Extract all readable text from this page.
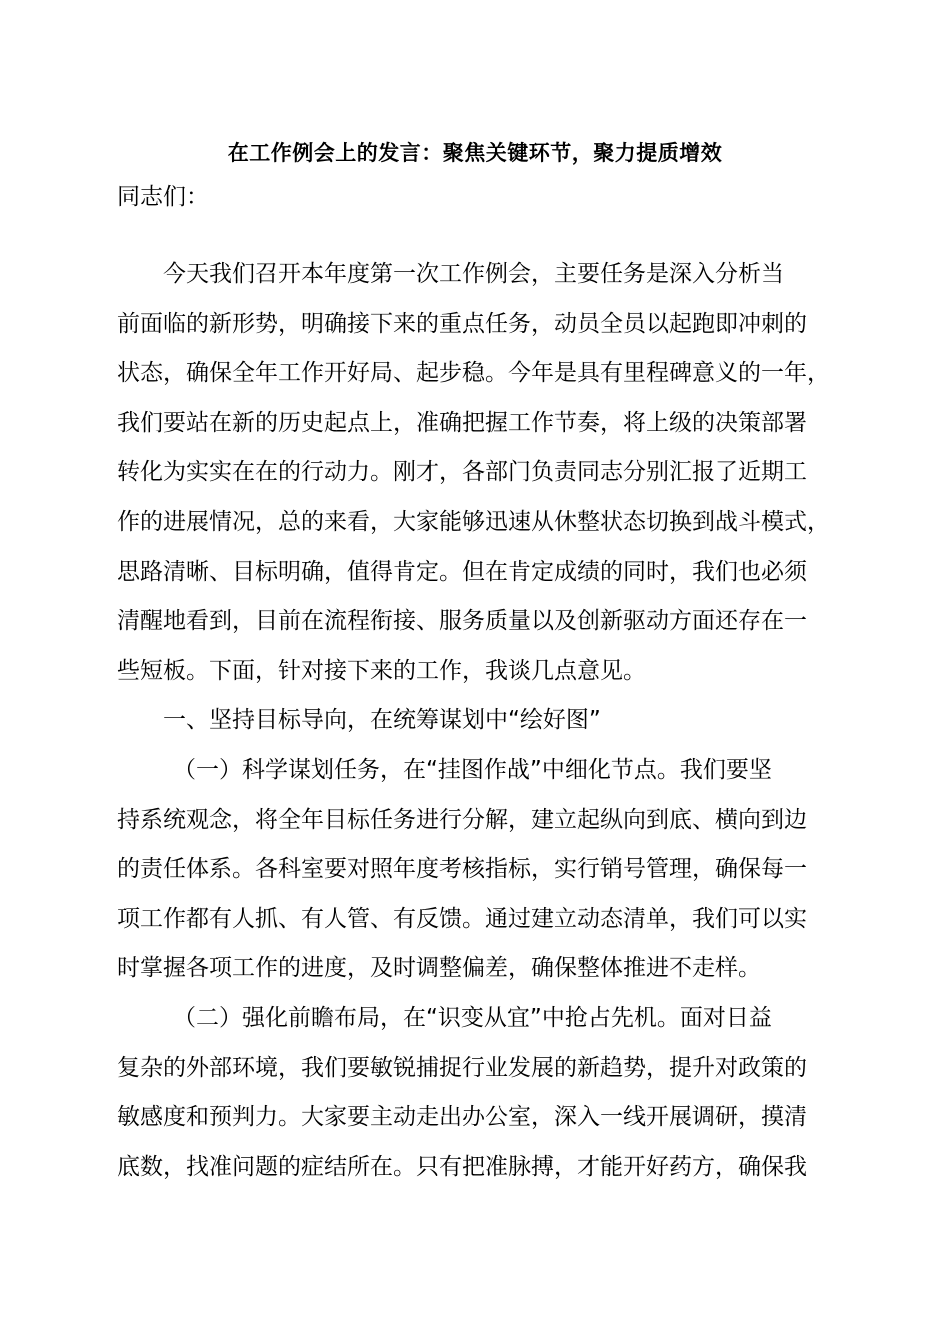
在工作例会上的发言：聚焦关键环节，聚力提质增效
同志们：
今天我们召开本年度第一次工作例会，主要任务是深入分析当
前面临的新形势，明确接下来的重点任务，动员全员以起跑即冲刺的
状态，确保全年工作开好局、起步稳。今年是具有里程碑意义的一年，
我们要站在新的历史起点上，准确把握工作节奏，将上级的决策部署
转化为实实在在的行动力。刚才，各部门负责同志分别汇报了近期工
作的进展情况，总的来看，大家能够迅速从休整状态切换到战斗模式，
思路清晰、目标明确，值得肯定。但在肯定成绩的同时，我们也必须
清醒地看到，目前在流程衔接、服务质量以及创新驱动方面还存在一
些短板。下面，针对接下来的工作，我谈几点意见。
一、坚持目标导向，在统筹谋划中“绘好图”
（一）科学谋划任务，在“挂图作战”中细化节点。我们要坚
持系统观念，将全年目标任务进行分解，建立起纵向到底、横向到边
的责任体系。各科室要对照年度考核指标，实行销号管理，确保每一
项工作都有人抓、有人管、有反馈。通过建立动态清单，我们可以实
时掌握各项工作的进度，及时调整偏差，确保整体推进不走样。
（二）强化前瞻布局，在“识变从宜”中抢占先机。面对日益
复杂的外部环境，我们要敏锐捕捉行业发展的新趋势，提升对政策的
敏感度和预判力。大家要主动走出办公室，深入一线开展调研，摸清
底数，找准问题的症结所在。只有把准脉搏，才能开好药方，确保我
